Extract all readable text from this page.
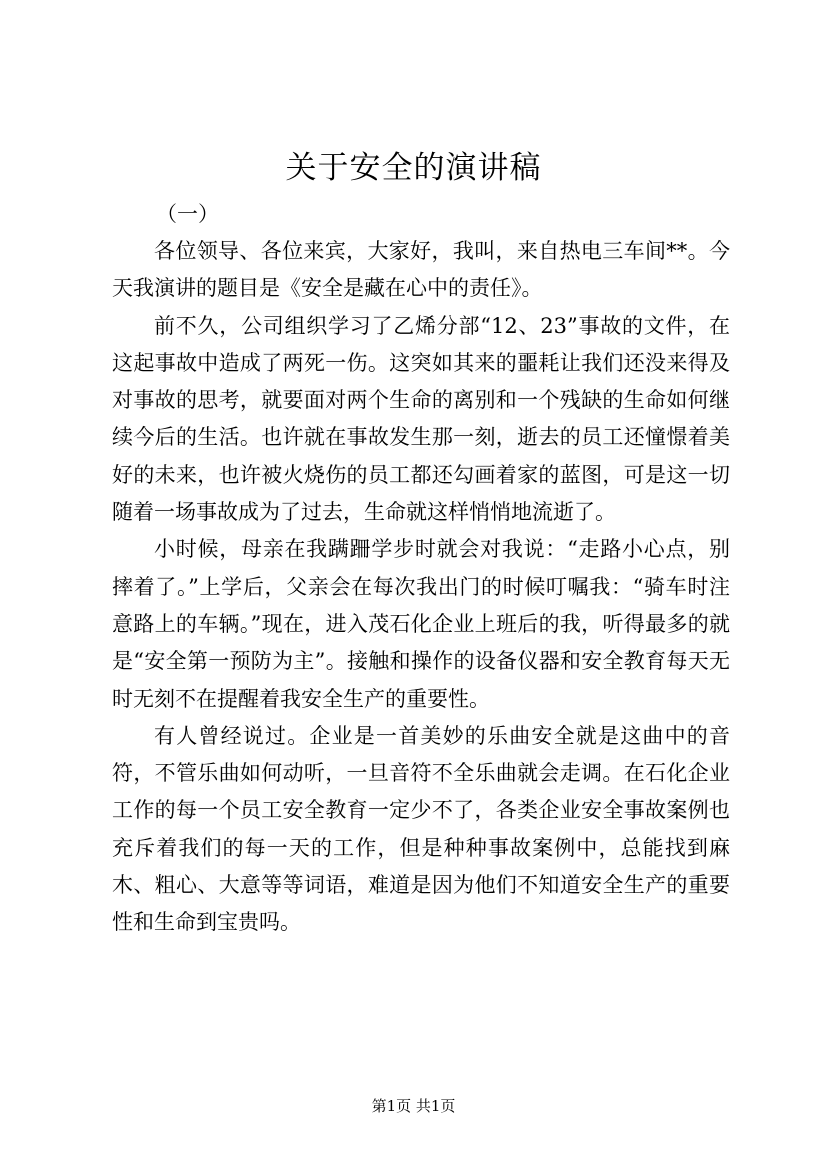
关于安全的演讲稿

（一）

各位领导、各位来宾，大家好，我叫，来自热电三车间**。今天我演讲的题目是《安全是藏在心中的责任》。

前不久，公司组织学习了乙烯分部“12、23”事故的文件，在这起事故中造成了两死一伤。这突如其来的噩耗让我们还没来得及对事故的思考，就要面对两个生命的离别和一个残缺的生命如何继续今后的生活。也许就在事故发生那一刻，逝去的员工还憧憬着美好的未来，也许被火烧伤的员工都还勾画着家的蓝图，可是这一切随着一场事故成为了过去，生命就这样悄悄地流逝了。

小时候，母亲在我蹒跚学步时就会对我说：“走路小心点，别摔着了。”上学后，父亲会在每次我出门的时候叮嘱我：“骑车时注意路上的车辆。”现在，进入茂石化企业上班后的我，听得最多的就是“安全第一预防为主”。接触和操作的设备仪器和安全教育每天无时无刻不在提醒着我安全生产的重要性。

有人曾经说过。企业是一首美妙的乐曲安全就是这曲中的音符，不管乐曲如何动听，一旦音符不全乐曲就会走调。在石化企业工作的每一个员工安全教育一定少不了，各类企业安全事故案例也充斥着我们的每一天的工作，但是种种事故案例中，总能找到麻木、粗心、大意等等词语，难道是因为他们不知道安全生产的重要性和生命到宝贵吗。

第1页 共1页
